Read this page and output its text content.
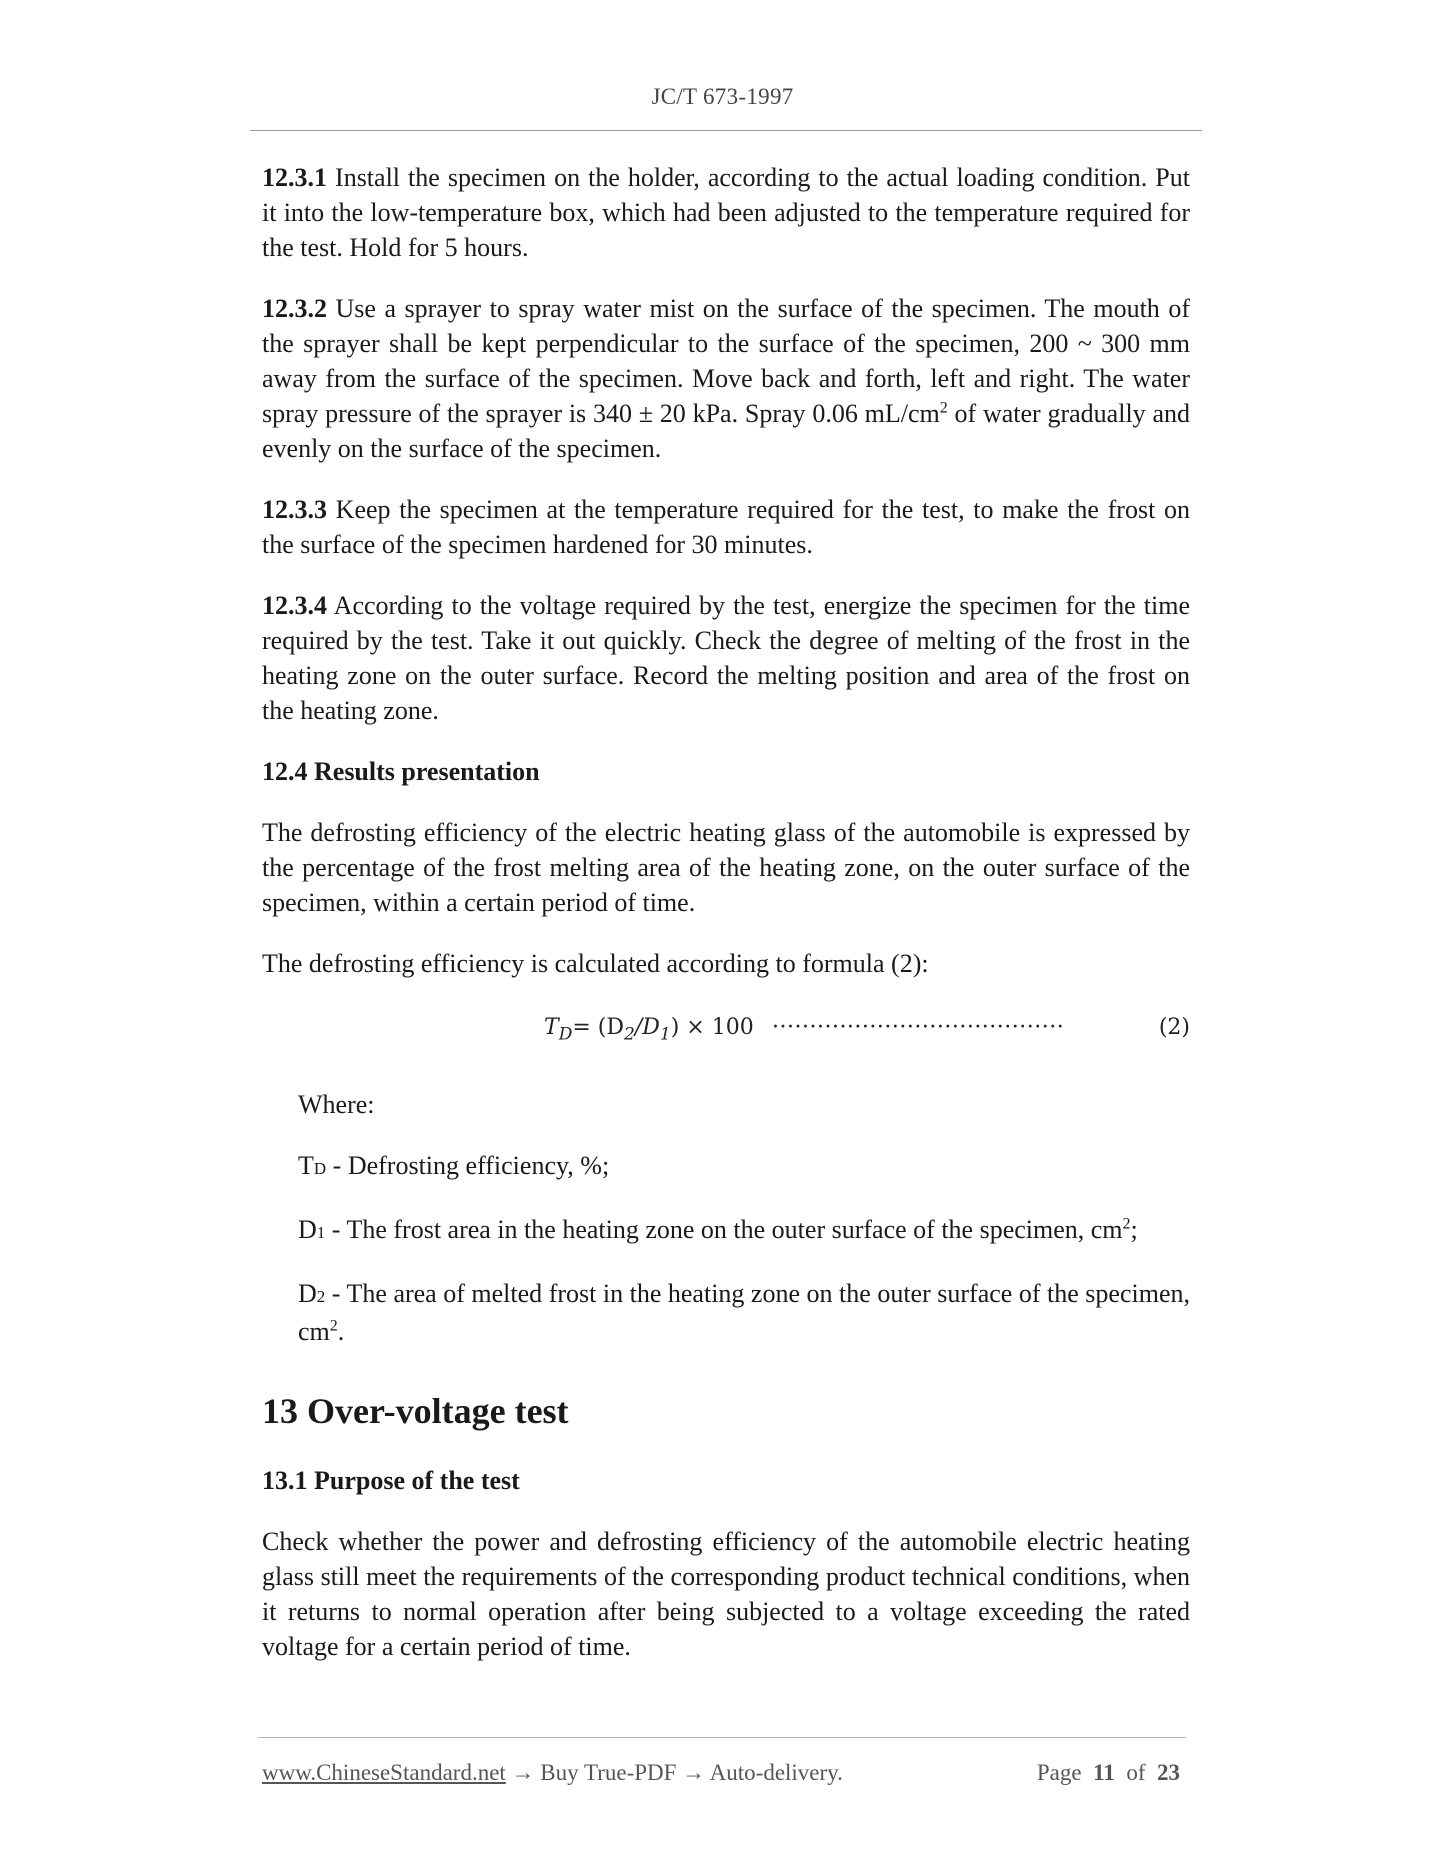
JC/T 673-1997

12.3.1 Install the specimen on the holder, according to the actual loading condition. Put it into the low-temperature box, which had been adjusted to the temperature required for the test. Hold for 5 hours.

12.3.2 Use a sprayer to spray water mist on the surface of the specimen. The mouth of the sprayer shall be kept perpendicular to the surface of the specimen, 200 ~ 300 mm away from the surface of the specimen. Move back and forth, left and right. The water spray pressure of the sprayer is 340 ± 20 kPa. Spray 0.06 $mL/cm^2$ of water gradually and evenly on the surface of the specimen.

12.3.3 Keep the specimen at the temperature required for the test, to make the frost on the surface of the specimen hardened for 30 minutes.

12.3.4 According to the voltage required by the test, energize the specimen for the time required by the test. Take it out quickly. Check the degree of melting of the frost in the heating zone on the outer surface. Record the melting position and area of the frost on the heating zone.

12.4 Results presentation

The defrosting efficiency of the electric heating glass of the automobile is expressed by the percentage of the frost melting area of the heating zone, on the outer surface of the specimen, within a certain period of time.

The defrosting efficiency is calculated according to formula (2):

$T_D= (D_2/D_1) \times 100$ ·······································	(2)

Where:

TD - Defrosting efficiency, %;

D1 - The frost area in the heating zone on the outer surface of the specimen, $cm^2$;

D2 - The area of melted frost in the heating zone on the outer surface of the specimen, $cm^2$.

13 Over-voltage test
13.1 Purpose of the test

Check whether the power and defrosting efficiency of the automobile electric heating glass still meet the requirements of the corresponding product technical conditions, when it returns to normal operation after being subjected to a voltage exceeding the rated voltage for a certain period of time.

www.ChineseStandard.net → Buy True-PDF → Auto-delivery.	Page 11 of 23
